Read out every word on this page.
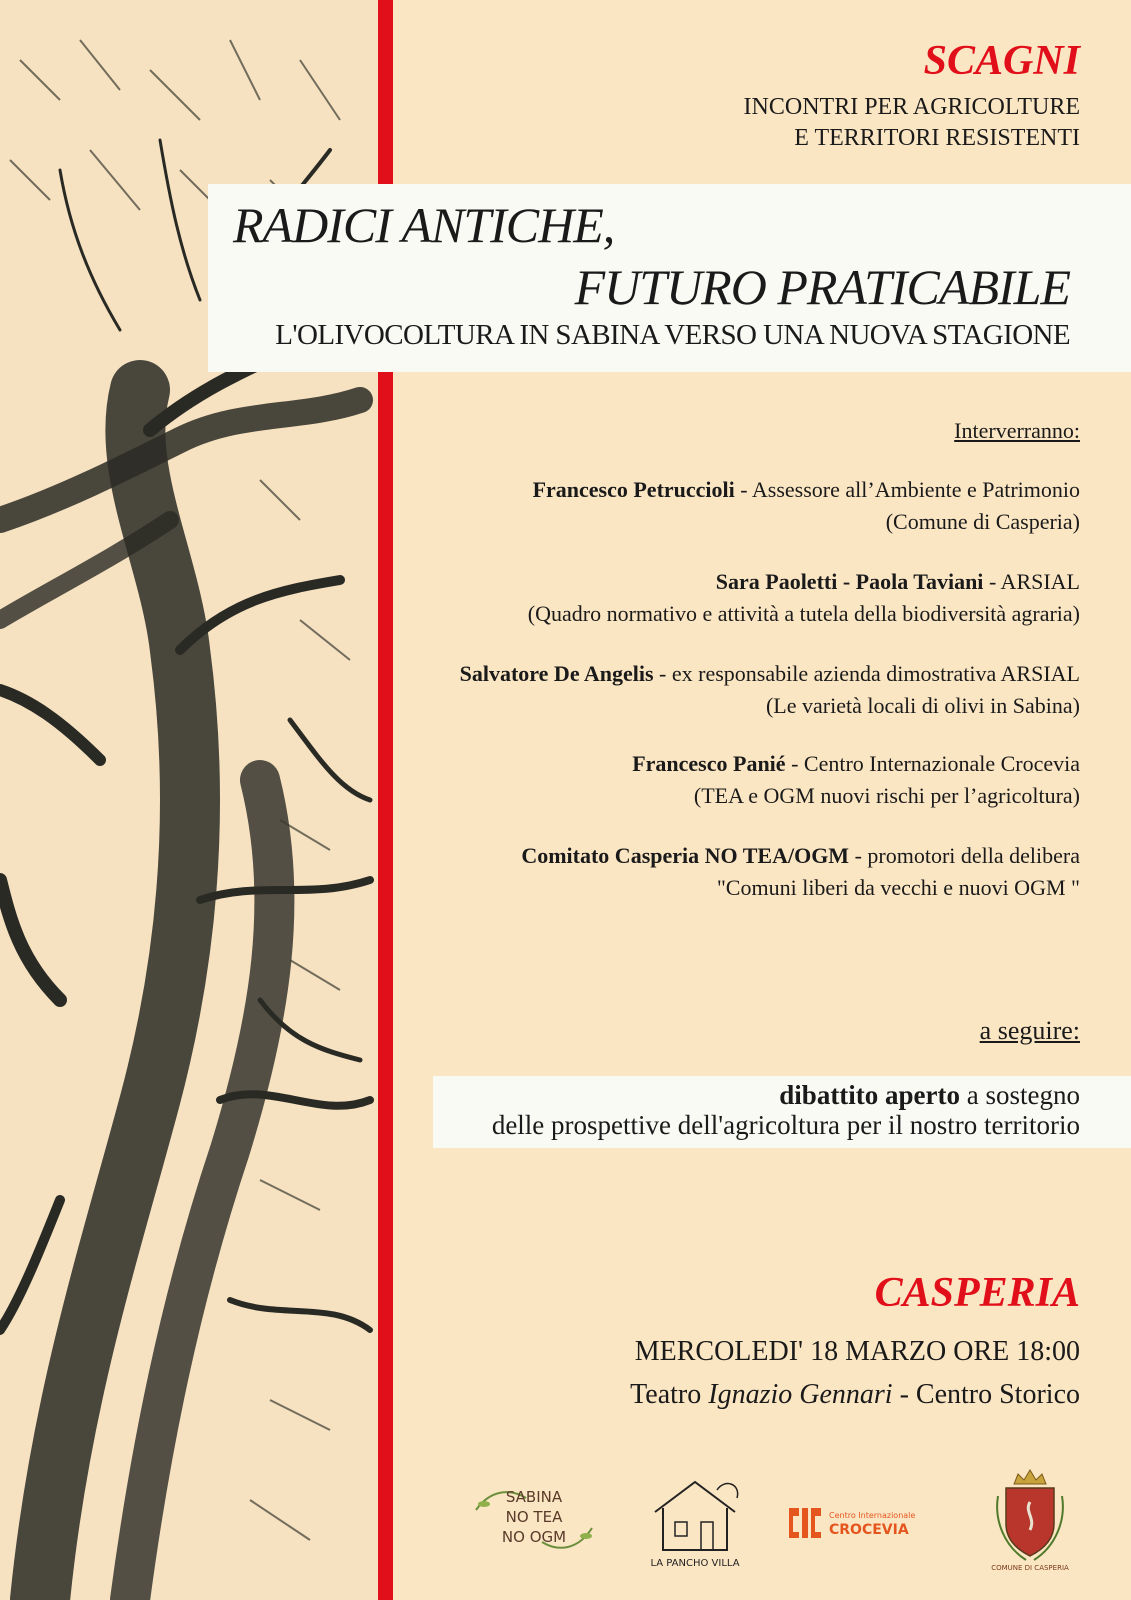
SCAGNI
INCONTRI PER AGRICOLTURE
E TERRITORI RESISTENTI
RADICI ANTICHE,
FUTURO PRATICABILE
L'OLIVOCOLTURA IN SABINA VERSO UNA NUOVA STAGIONE
Interverranno:
Francesco Petruccioli - Assessore all’Ambiente e Patrimonio
(Comune di Casperia)
Sara Paoletti - Paola Taviani - ARSIAL
(Quadro normativo e attività a tutela della biodiversità agraria)
Salvatore De Angelis - ex responsabile azienda dimostrativa ARSIAL
(Le varietà locali di olivi in Sabina)
Francesco Panié - Centro Internazionale Crocevia
(TEA e OGM nuovi rischi per l’agricoltura)
Comitato Casperia NO TEA/OGM - promotori della delibera
"Comuni liberi da vecchi e nuovi OGM "
a seguire:
dibattito aperto a sostegno
delle prospettive dell'agricoltura per il nostro territorio
CASPERIA
MERCOLEDI' 18 MARZO ORE 18:00
Teatro Ignazio Gennari - Centro Storico
SABINA
NO TEA
NO OGM
LA PANCHO VILLA
Centro Internazionale
CROCEVIA
COMUNE DI CASPERIA
